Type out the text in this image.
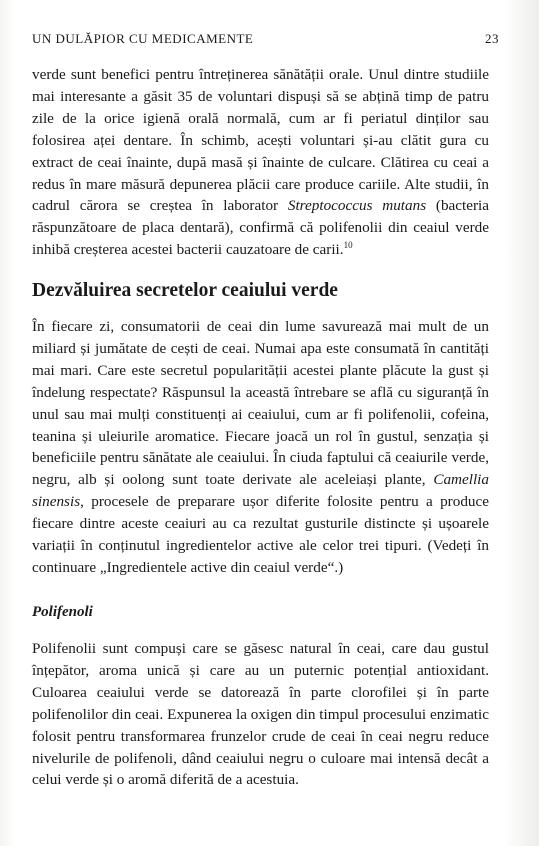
UN DULĂPIOR CU MEDICAMENTE	23

verde sunt benefici pentru întreținerea sănătății orale. Unul dintre studiile mai interesante a găsit 35 de voluntari dispuși să se abțină timp de patru zile de la orice igienă orală normală, cum ar fi periatul dinților sau folosirea aței dentare. În schimb, acești voluntari și-au clătit gura cu extract de ceai înainte, după masă și înainte de culcare. Clătirea cu ceai a redus în mare măsură depunerea plăcii care produce cariile. Alte studii, în cadrul cărora se creștea în laborator Streptococcus mutans (bacteria răspunzătoare de placa dentară), confirmă că polifenolii din ceaiul verde inhibă creșterea acestei bacterii cauzatoare de carii.$^{10}$

Dezvăluirea secretelor ceaiului verde

În fiecare zi, consumatorii de ceai din lume savurează mai mult de un miliard și jumătate de cești de ceai. Numai apa este consumată în cantități mai mari. Care este secretul popularității acestei plante plăcute la gust și îndelung respectate? Răspunsul la această întrebare se află cu siguranță în unul sau mai mulți constituenți ai ceaiului, cum ar fi polifenolii, cofeina, teanina și uleiurile aromatice. Fiecare joacă un rol în gustul, senzația și beneficiile pentru sănătate ale ceaiului. În ciuda faptului că ceaiurile verde, negru, alb și oolong sunt toate derivate ale aceleiași plante, Camellia sinensis, procesele de preparare ușor diferite folosite pentru a produce fiecare dintre aceste ceaiuri au ca rezultat gusturile distincte și ușoarele variații în conținutul ingredientelor active ale celor trei tipuri. (Vedeți în continuare „Ingredientele active din ceaiul verde“.)

Polifenoli

Polifenolii sunt compuși care se găsesc natural în ceai, care dau gustul înțepător, aroma unică și care au un puternic potențial antioxidant. Culoarea ceaiului verde se datorează în parte clorofilei și în parte polifenolilor din ceai. Expunerea la oxigen din timpul procesului enzimatic folosit pentru transformarea frunzelor crude de ceai în ceai negru reduce nivelurile de polifenoli, dând ceaiului negru o culoare mai intensă decât a celui verde și o aromă diferită de a acestuia.
